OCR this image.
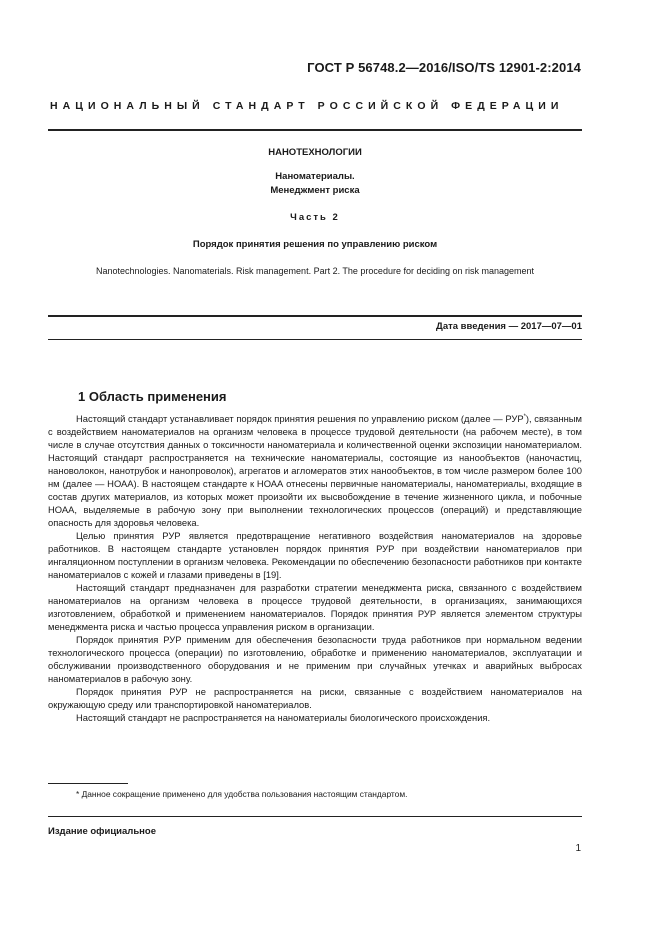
ГОСТ Р 56748.2—2016/ISO/TS 12901-2:2014
НАЦИОНАЛЬНЫЙ СТАНДАРТ РОССИЙСКОЙ ФЕДЕРАЦИИ
НАНОТЕХНОЛОГИИ
Наноматериалы.
Менеджмент риска
Часть 2
Порядок принятия решения по управлению риском
Nanotechnologies. Nanomaterials. Risk management. Part 2. The procedure for deciding on risk management
Дата введения — 2017—07—01
1 Область применения

Настоящий стандарт устанавливает порядок принятия решения по управлению риском (далее — РУР*), связанным с воздействием наноматериалов на организм человека в процессе трудовой деятельности (на рабочем месте), в том числе в случае отсутствия данных о токсичности наноматериала и количественной оценки экспозиции наноматериалом. Настоящий стандарт распространяется на технические наноматериалы, состоящие из нанообъектов (наночастиц, нановолокон, нанотрубок и нанопроволок), агрегатов и агломератов этих нанообъектов, в том числе размером более 100 нм (далее — НОАА). В настоящем стандарте к НОАА отнесены первичные наноматериалы, наноматериалы, входящие в состав других материалов, из которых может произойти их высвобождение в течение жизненного цикла, и побочные НОАА, выделяемые в рабочую зону при выполнении технологических процессов (операций) и представляющие опасность для здоровья человека.

Целью принятия РУР является предотвращение негативного воздействия наноматериалов на здоровье работников. В настоящем стандарте установлен порядок принятия РУР при воздействии наноматериалов при ингаляционном поступлении в организм человека. Рекомендации по обеспечению безопасности работников при контакте наноматериалов с кожей и глазами приведены в [19].

Настоящий стандарт предназначен для разработки стратегии менеджмента риска, связанного с воздействием наноматериалов на организм человека в процессе трудовой деятельности, в организациях, занимающихся изготовлением, обработкой и применением наноматериалов. Порядок принятия РУР является элементом структуры менеджмента риска и частью процесса управления риском в организации.

Порядок принятия РУР применим для обеспечения безопасности труда работников при нормальном ведении технологического процесса (операции) по изготовлению, обработке и применению наноматериалов, эксплуатации и обслуживании производственного оборудования и не применим при случайных утечках и аварийных выбросах наноматериалов в рабочую зону.

Порядок принятия РУР не распространяется на риски, связанные с воздействием наноматериалов на окружающую среду или транспортировкой наноматериалов.

Настоящий стандарт не распространяется на наноматериалы биологического происхождения.

* Данное сокращение применено для удобства пользования настоящим стандартом.
Издание официальное
1
